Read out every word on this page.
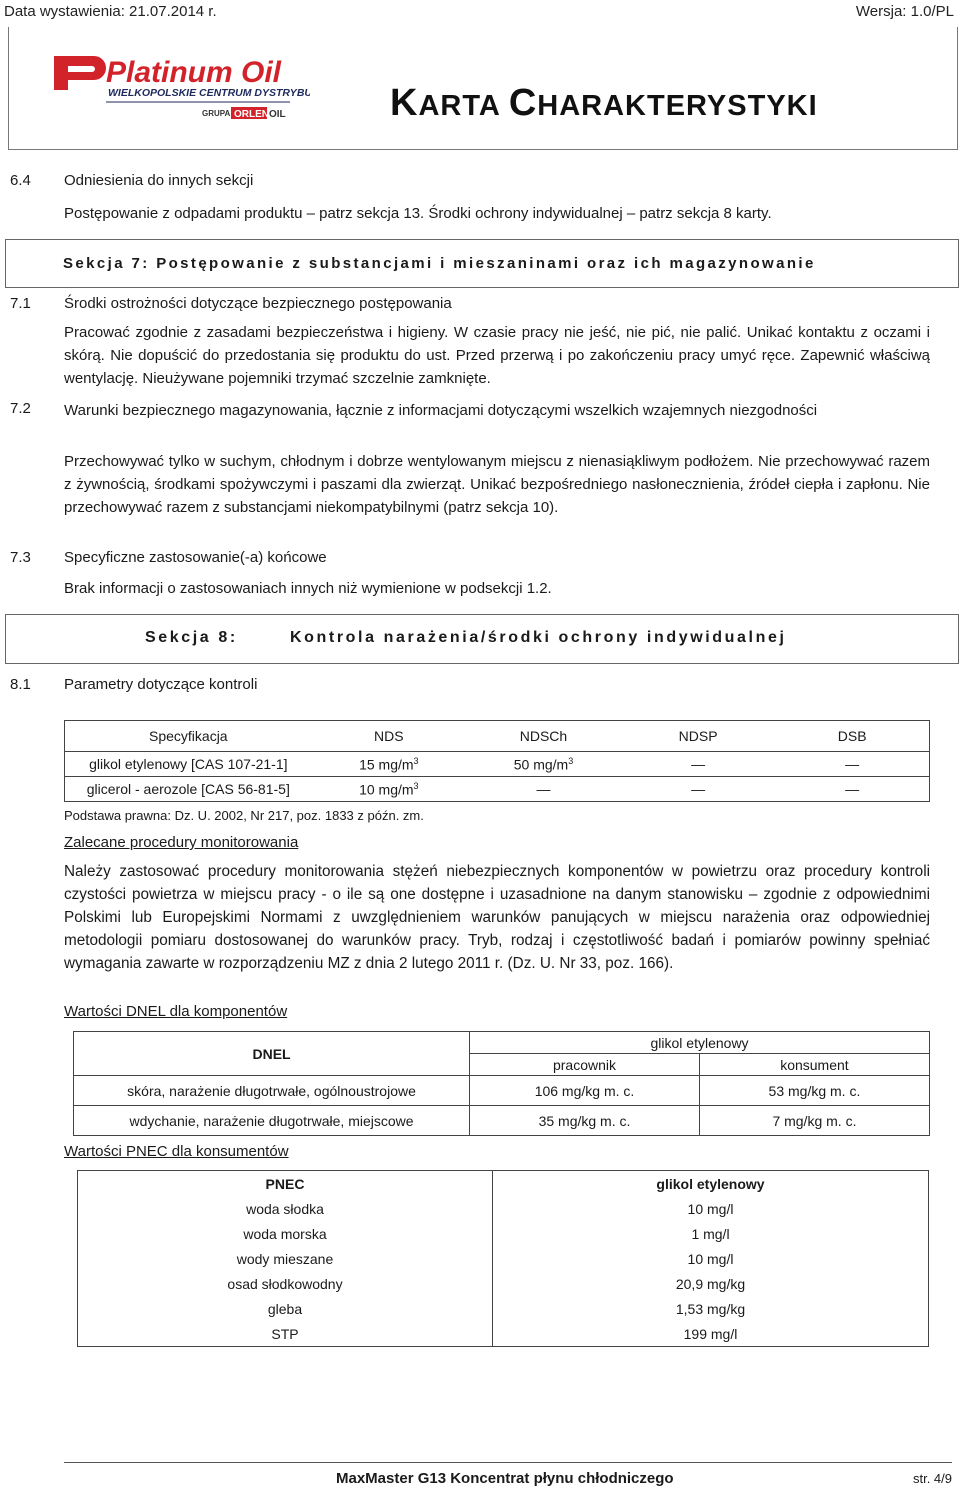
Data wystawienia: 21.07.2014 r.	Wersja: 1.0/PL
Platinum Oil
WIELKOPOLSKIE CENTRUM DYSTRYBUCJI
GRUPA ORLEN OIL	KARTA CHARAKTERYSTYKI
6.4 Odniesienia do innych sekcji
Postępowanie z odpadami produktu – patrz sekcja 13. Środki ochrony indywidualnej – patrz sekcja 8 karty.
Sekcja 7: Postępowanie z substancjami i mieszaninami oraz ich magazynowanie
7.1 Środki ostrożności dotyczące bezpiecznego postępowania
Pracować zgodnie z zasadami bezpieczeństwa i higieny. W czasie pracy nie jeść, nie pić, nie palić. Unikać kontaktu z oczami i skórą. Nie dopuścić do przedostania się produktu do ust. Przed przerwą i po zakończeniu pracy umyć ręce. Zapewnić właściwą wentylację. Nieużywane pojemniki trzymać szczelnie zamknięte.
7.2 Warunki bezpiecznego magazynowania, łącznie z informacjami dotyczącymi wszelkich wzajemnych niezgodności
Przechowywać tylko w suchym, chłodnym i dobrze wentylowanym miejscu z nienasiąkliwym podłożem. Nie przechowywać razem z żywnością, środkami spożywczymi i paszami dla zwierząt. Unikać bezpośredniego nasłonecznienia, źródeł ciepła i zapłonu. Nie przechowywać razem z substancjami niekompatybilnymi (patrz sekcja 10).
7.3 Specyficzne zastosowanie(-a) końcowe
Brak informacji o zastosowaniach innych niż wymienione w podsekcji 1.2.
Sekcja 8:	Kontrola narażenia/środki ochrony indywidualnej
8.1 Parametry dotyczące kontroli
Specyfikacja	NDS	NDSCh	NDSP	DSB
glikol etylenowy [CAS 107-21-1]	15 $mg/m^3$	50 $mg/m^3$	—	—
glicerol - aerozole [CAS 56-81-5]	10 $mg/m^3$	—	—	—
Podstawa prawna: Dz. U. 2002, Nr 217, poz. 1833 z późn. zm.
Zalecane procedury monitorowania
Należy zastosować procedury monitorowania stężeń niebezpiecznych komponentów w powietrzu oraz procedury kontroli czystości powietrza w miejscu pracy - o ile są one dostępne i uzasadnione na danym stanowisku – zgodnie z odpowiednimi Polskimi lub Europejskimi Normami z uwzględnieniem warunków panujących w miejscu narażenia oraz odpowiedniej metodologii pomiaru dostosowanej do warunków pracy. Tryb, rodzaj i częstotliwość badań i pomiarów powinny spełniać wymagania zawarte w rozporządzeniu MZ z dnia 2 lutego 2011 r. (Dz. U. Nr 33, poz. 166).
Wartości DNEL dla komponentów
DNEL	glikol etylenowy	
	pracownik	konsument
skóra, narażenie długotrwałe, ogólnoustrojowe	106 mg/kg m. c.	53 mg/kg m. c.
wdychanie, narażenie długotrwałe, miejscowe	35 mg/kg m. c.	7 mg/kg m. c.
Wartości PNEC dla konsumentów
PNEC	glikol etylenowy
woda słodka	10 mg/l
woda morska	1 mg/l
wody mieszane	10 mg/l
osad słodkowodny	20,9 mg/kg
gleba	1,53 mg/kg
STP	199 mg/l
MaxMaster G13 Koncentrat płynu chłodniczego	str. 4/9
